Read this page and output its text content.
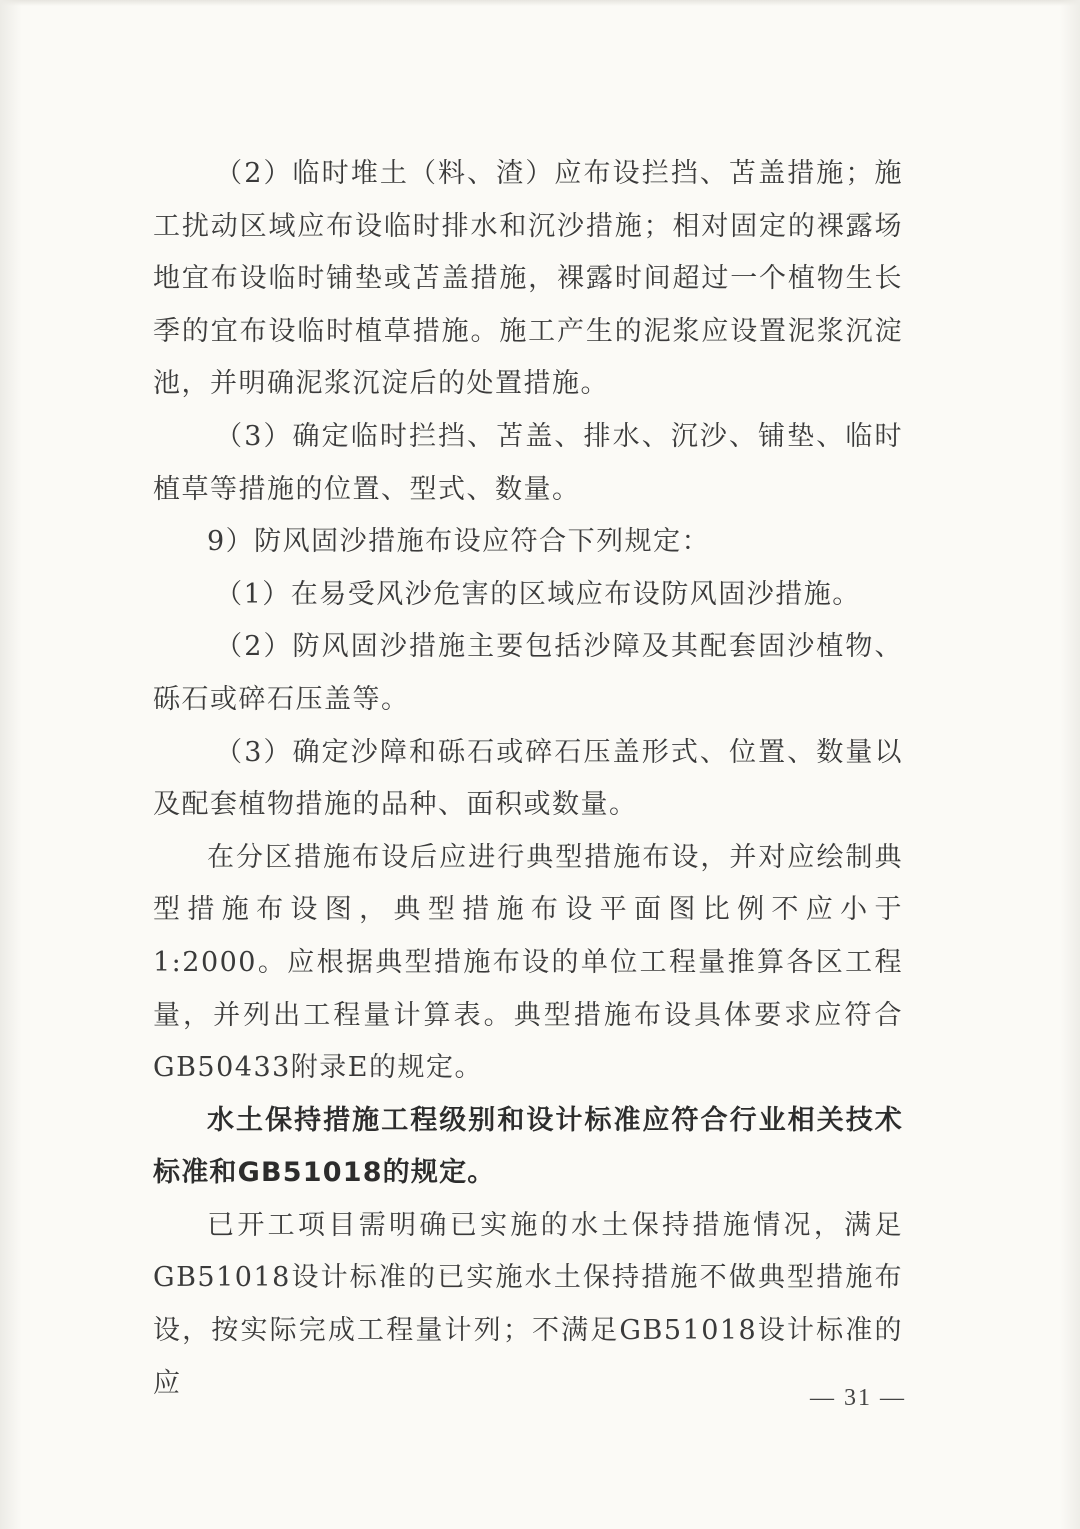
（2）临时堆土（料、渣）应布设拦挡、苫盖措施；施工扰动区域应布设临时排水和沉沙措施；相对固定的裸露场地宜布设临时铺垫或苫盖措施，裸露时间超过一个植物生长季的宜布设临时植草措施。施工产生的泥浆应设置泥浆沉淀池，并明确泥浆沉淀后的处置措施。

（3）确定临时拦挡、苫盖、排水、沉沙、铺垫、临时植草等措施的位置、型式、数量。

9）防风固沙措施布设应符合下列规定：

（1）在易受风沙危害的区域应布设防风固沙措施。

（2）防风固沙措施主要包括沙障及其配套固沙植物、砾石或碎石压盖等。

（3）确定沙障和砾石或碎石压盖形式、位置、数量以及配套植物措施的品种、面积或数量。

在分区措施布设后应进行典型措施布设，并对应绘制典型措施布设图，典型措施布设平面图比例不应小于1:2000。应根据典型措施布设的单位工程量推算各区工程量，并列出工程量计算表。典型措施布设具体要求应符合GB50433附录E的规定。

水土保持措施工程级别和设计标准应符合行业相关技术标准和GB51018的规定。

已开工项目需明确已实施的水土保持措施情况，满足GB51018设计标准的已实施水土保持措施不做典型措施布设，按实际完成工程量计列；不满足GB51018设计标准的应	— 31 —
